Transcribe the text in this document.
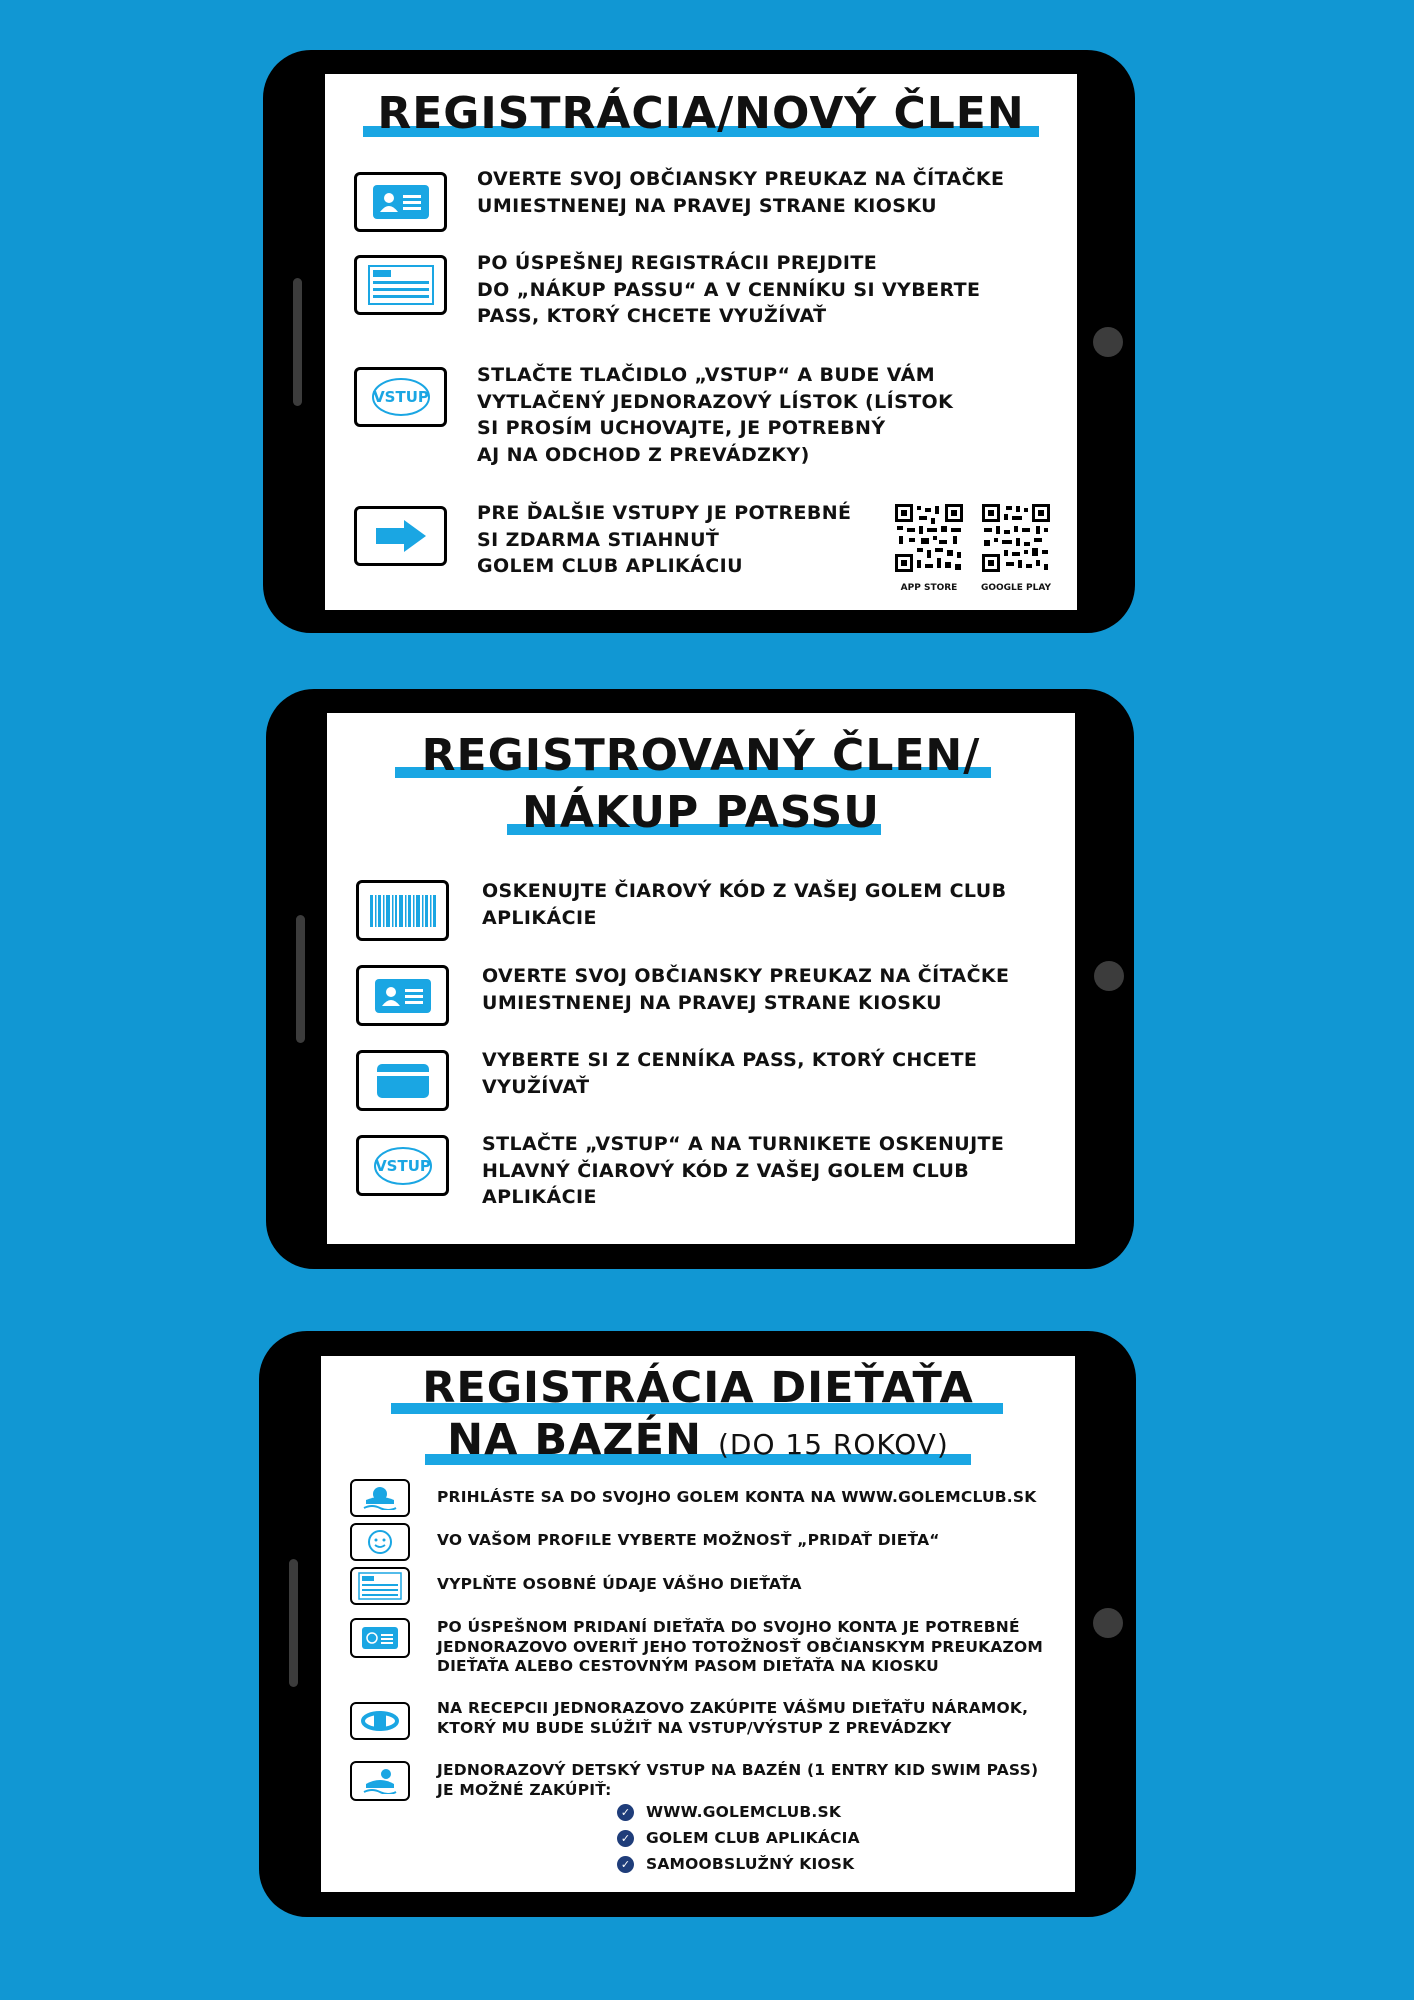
REGISTRÁCIA/NOVÝ ČLEN
OVERTE SVOJ OBČIANSKY PREUKAZ NA ČÍTAČKE
UMIESTNENEJ NA PRAVEJ STRANE KIOSKU
PO ÚSPEŠNEJ REGISTRÁCII PREJDITE
DO „NÁKUP PASSU“ A V CENNÍKU SI VYBERTE
PASS, KTORÝ CHCETE VYUŽÍVAŤ
VSTUP
STLAČTE TLAČIDLO „VSTUP“ A BUDE VÁM
VYTLAČENÝ JEDNORAZOVÝ LÍSTOK (LÍSTOK
SI PROSÍM UCHOVAJTE, JE POTREBNÝ
AJ NA ODCHOD Z PREVÁDZKY)
PRE ĎALŠIE VSTUPY JE POTREBNÉ
SI ZDARMA STIAHNUŤ
GOLEM CLUB APLIKÁCIU
APP STORE	GOOGLE PLAY
REGISTROVANÝ ČLEN/
NÁKUP PASSU
OSKENUJTE ČIAROVÝ KÓD Z VAŠEJ GOLEM CLUB
APLIKÁCIE
OVERTE SVOJ OBČIANSKY PREUKAZ NA ČÍTAČKE
UMIESTNENEJ NA PRAVEJ STRANE KIOSKU
VYBERTE SI Z CENNÍKA PASS, KTORÝ CHCETE
VYUŽÍVAŤ
VSTUP
STLAČTE „VSTUP“ A NA TURNIKETE OSKENUJTE
HLAVNÝ ČIAROVÝ KÓD Z VAŠEJ GOLEM CLUB
APLIKÁCIE
REGISTRÁCIA DIEŤAŤA
NA BAZÉN (DO 15 ROKOV)
PRIHLÁSTE SA DO SVOJHO GOLEM KONTA NA WWW.GOLEMCLUB.SK
VO VAŠOM PROFILE VYBERTE MOŽNOSŤ „PRIDAŤ DIEŤA“
VYPLŇTE OSOBNÉ ÚDAJE VÁŠHO DIEŤAŤA
PO ÚSPEŠNOM PRIDANÍ DIEŤAŤA DO SVOJHO KONTA JE POTREBNÉ
JEDNORAZOVO OVERIŤ JEHO TOTOŽNOSŤ OBČIANSKYM PREUKAZOM
DIEŤAŤA ALEBO CESTOVNÝM PASOM DIEŤAŤA NA KIOSKU
NA RECEPCII JEDNORAZOVO ZAKÚPITE VÁŠMU DIEŤAŤU NÁRAMOK,
KTORÝ MU BUDE SLÚŽIŤ NA VSTUP/VÝSTUP Z PREVÁDZKY
JEDNORAZOVÝ DETSKÝ VSTUP NA BAZÉN (1 ENTRY KID SWIM PASS)
JE MOŽNÉ ZAKÚPIŤ:
✓ WWW.GOLEMCLUB.SK
✓ GOLEM CLUB APLIKÁCIA
✓ SAMOOBSLUŽNÝ KIOSK
